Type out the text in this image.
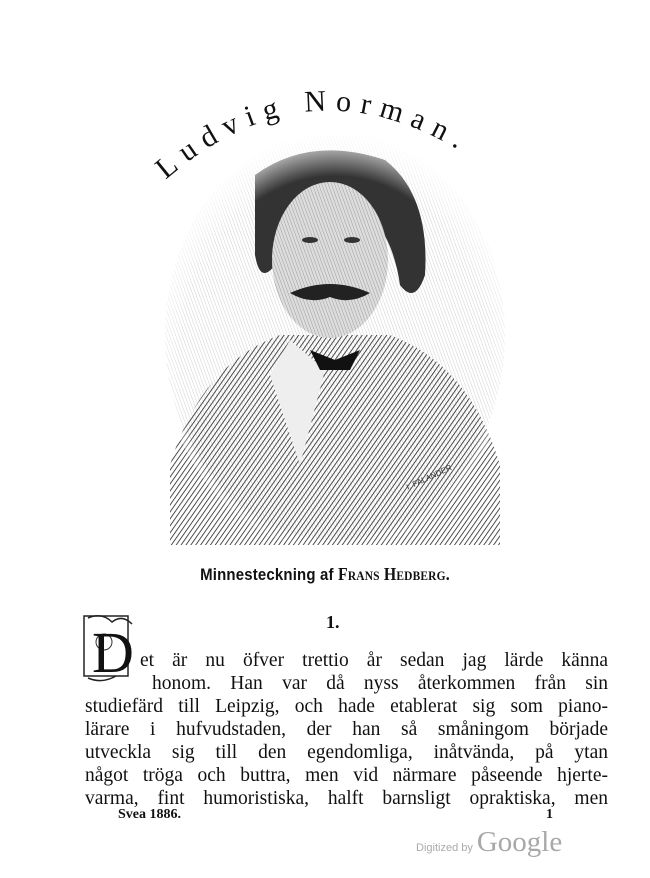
Ludvig Norman.
I. FALANDER
Minnesteckning af Frans Hedberg.
1.
D et är nu öfver trettio år sedan jag lärde känna
honom. Han var då nyss återkommen från sin
studiefärd till Leipzig, och hade etablerat sig som piano-
lärare i hufvudstaden, der han så småningom började
utveckla sig till den egendomliga, inåtvända, på ytan
något tröga och buttra, men vid närmare påseende hjerte-
varma, fint humoristiska, halft barnsligt opraktiska, men
Svea 1886.	1
Digitized by Google
